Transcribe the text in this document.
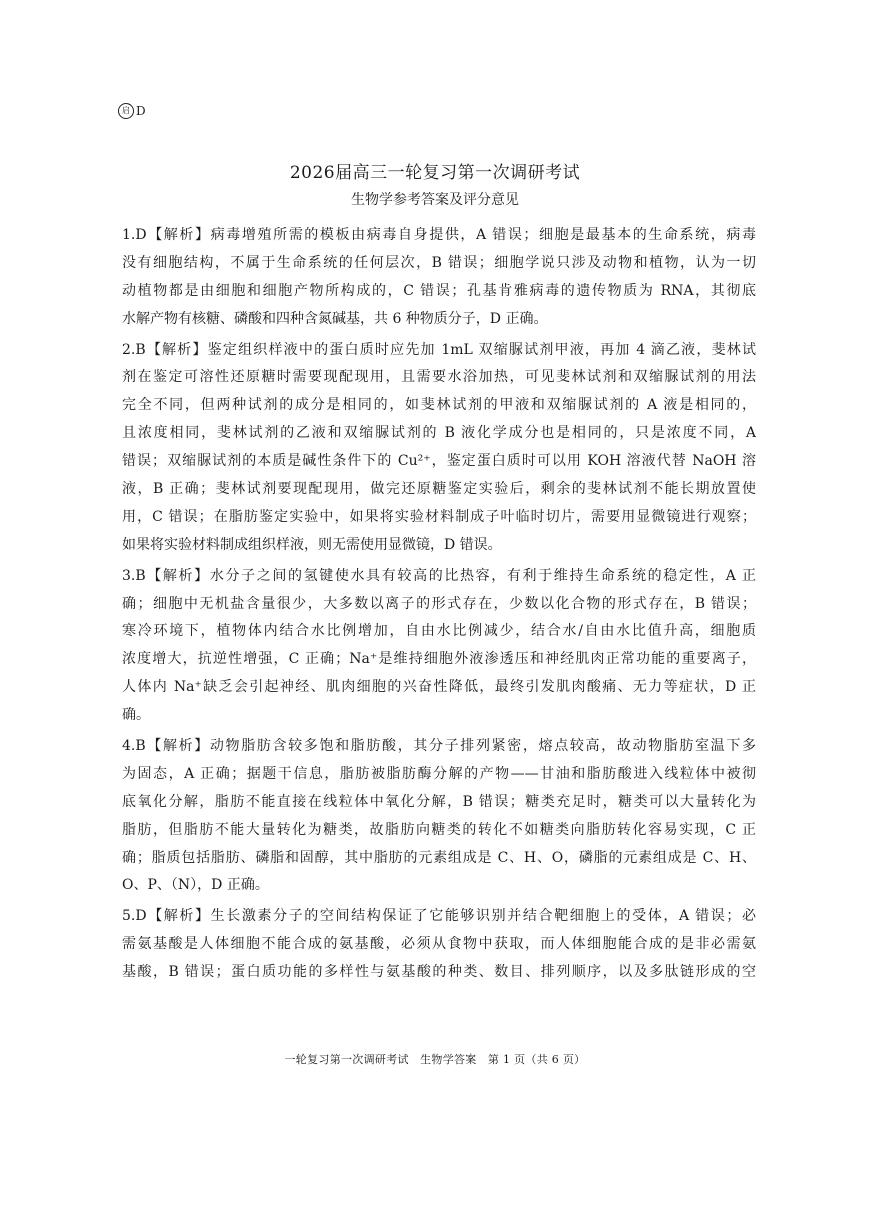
启 D
2026届高三一轮复习第一次调研考试
生物学参考答案及评分意见
1.D【解析】病毒增殖所需的模板由病毒自身提供，A 错误；细胞是最基本的生命系统，病毒
没有细胞结构，不属于生命系统的任何层次，B 错误；细胞学说只涉及动物和植物，认为一切
动植物都是由细胞和细胞产物所构成的，C 错误；孔基肯雅病毒的遗传物质为 RNA，其彻底
水解产物有核糖、磷酸和四种含氮碱基，共 6 种物质分子，D 正确。
2.B【解析】鉴定组织样液中的蛋白质时应先加 1mL 双缩脲试剂甲液，再加 4 滴乙液，斐林试
剂在鉴定可溶性还原糖时需要现配现用，且需要水浴加热，可见斐林试剂和双缩脲试剂的用法
完全不同，但两种试剂的成分是相同的，如斐林试剂的甲液和双缩脲试剂的 A 液是相同的，
且浓度相同，斐林试剂的乙液和双缩脲试剂的 B 液化学成分也是相同的，只是浓度不同，A
错误；双缩脲试剂的本质是碱性条件下的 Cu²⁺，鉴定蛋白质时可以用 KOH 溶液代替 NaOH 溶
液，B 正确；斐林试剂要现配现用，做完还原糖鉴定实验后，剩余的斐林试剂不能长期放置使
用，C 错误；在脂肪鉴定实验中，如果将实验材料制成子叶临时切片，需要用显微镜进行观察；
如果将实验材料制成组织样液，则无需使用显微镜，D 错误。
3.B【解析】水分子之间的氢键使水具有较高的比热容，有利于维持生命系统的稳定性，A 正
确；细胞中无机盐含量很少，大多数以离子的形式存在，少数以化合物的形式存在，B 错误；
寒冷环境下，植物体内结合水比例增加，自由水比例减少，结合水/自由水比值升高，细胞质
浓度增大，抗逆性增强，C 正确；Na⁺是维持细胞外液渗透压和神经肌肉正常功能的重要离子，
人体内 Na⁺缺乏会引起神经、肌肉细胞的兴奋性降低，最终引发肌肉酸痛、无力等症状，D 正
确。
4.B【解析】动物脂肪含较多饱和脂肪酸，其分子排列紧密，熔点较高，故动物脂肪室温下多
为固态，A 正确；据题干信息，脂肪被脂肪酶分解的产物——甘油和脂肪酸进入线粒体中被彻
底氧化分解，脂肪不能直接在线粒体中氧化分解，B 错误；糖类充足时，糖类可以大量转化为
脂肪，但脂肪不能大量转化为糖类，故脂肪向糖类的转化不如糖类向脂肪转化容易实现，C 正
确；脂质包括脂肪、磷脂和固醇，其中脂肪的元素组成是 C、H、O，磷脂的元素组成是 C、H、
O、P、（N），D 正确。
5.D【解析】生长激素分子的空间结构保证了它能够识别并结合靶细胞上的受体，A 错误；必
需氨基酸是人体细胞不能合成的氨基酸，必须从食物中获取，而人体细胞能合成的是非必需氨
基酸，B 错误；蛋白质功能的多样性与氨基酸的种类、数目、排列顺序，以及多肽链形成的空
一轮复习第一次调研考试　生物学答案　第 1 页（共 6 页）
